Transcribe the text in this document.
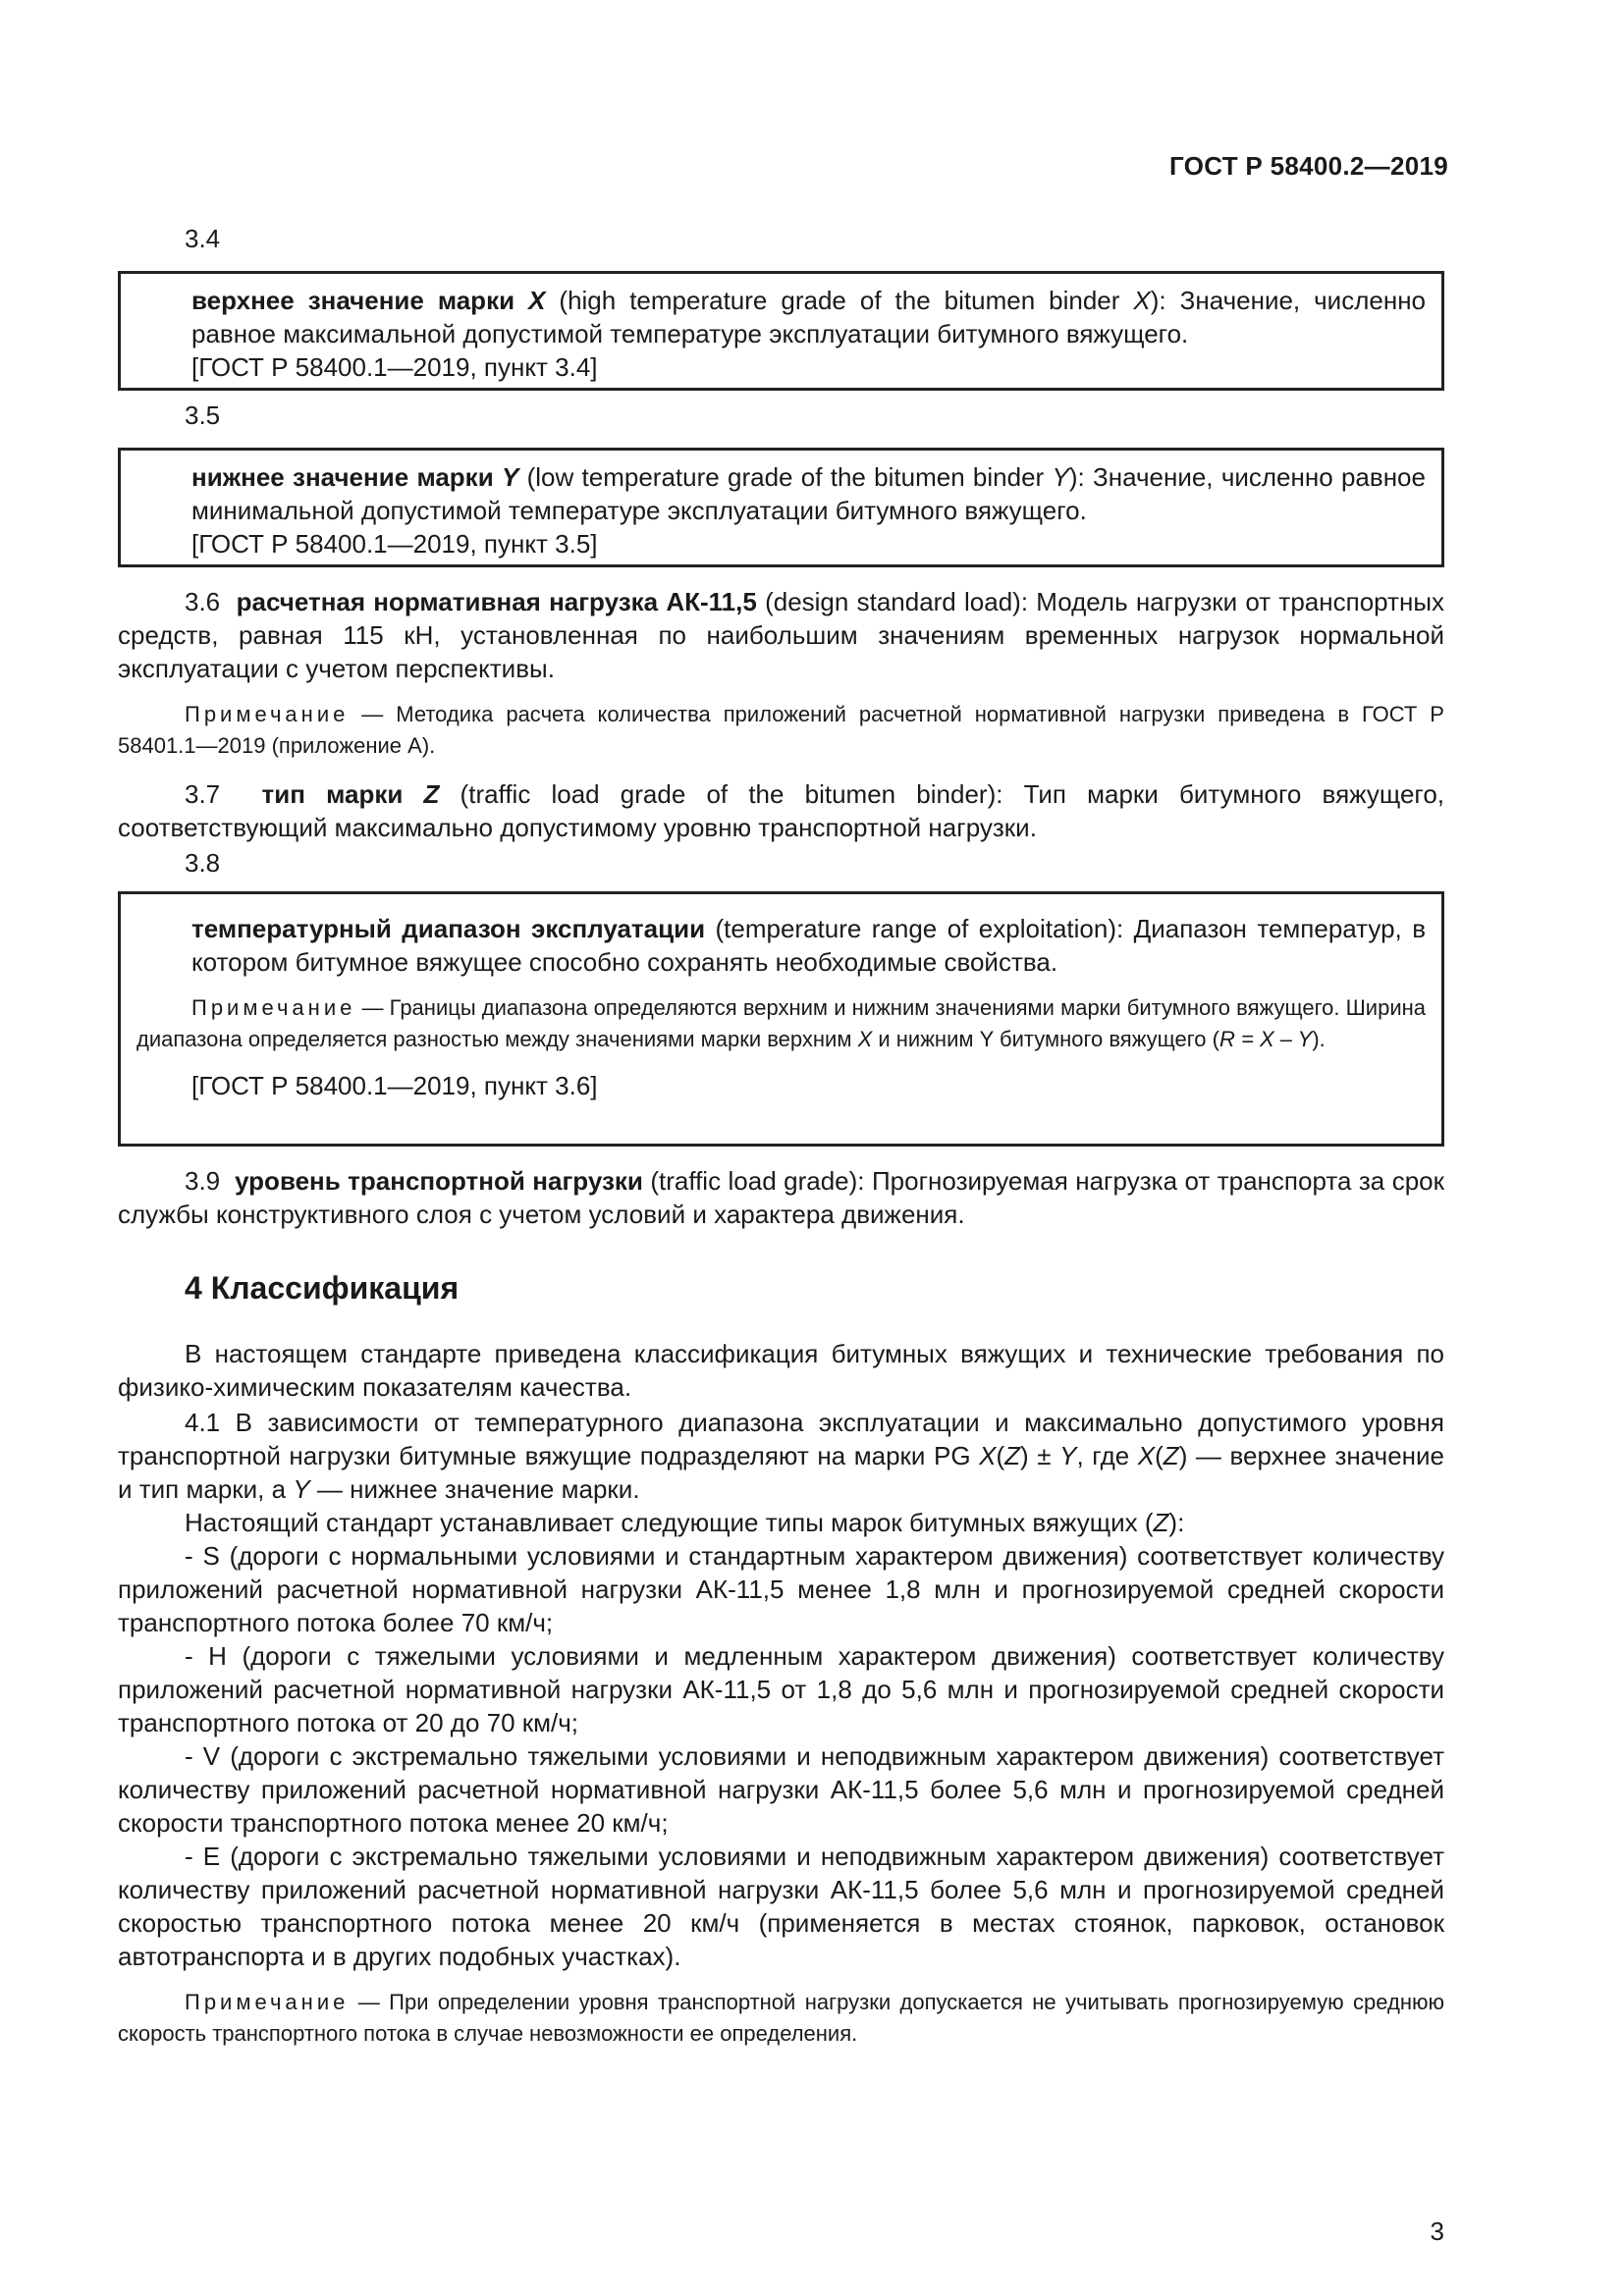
ГОСТ Р 58400.2—2019
3.4

верхнее значение марки X (high temperature grade of the bitumen binder X): Значение, численно равное максимальной допустимой температуре эксплуатации битумного вяжущего.

[ГОСТ Р 58400.1—2019, пункт 3.4]
3.5

нижнее значение марки Y (low temperature grade of the bitumen binder Y): Значение, численно равное минимальной допустимой температуре эксплуатации битумного вяжущего.

[ГОСТ Р 58400.1—2019, пункт 3.5]

3.6 расчетная нормативная нагрузка АК-11,5 (design standard load): Модель нагрузки от транспортных средств, равная 115 кН, установленная по наибольшим значениям временных нагрузок нормальной эксплуатации с учетом перспективы.

Примечание — Методика расчета количества приложений расчетной нормативной нагрузки приведена в ГОСТ Р 58401.1—2019 (приложение А).

3.7 тип марки Z (traffic load grade of the bitumen binder): Тип марки битумного вяжущего, соответствующий максимально допустимому уровню транспортной нагрузки.

3.8

температурный диапазон эксплуатации (temperature range of exploitation): Диапазон температур, в котором битумное вяжущее способно сохранять необходимые свойства.

Примечание — Границы диапазона определяются верхним и нижним значениями марки битумного вяжущего. Ширина диапазона определяется разностью между значениями марки верхним X и нижним Y битумного вяжущего (R = X – Y).

[ГОСТ Р 58400.1—2019, пункт 3.6]

3.9 уровень транспортной нагрузки (traffic load grade): Прогнозируемая нагрузка от транспорта за срок службы конструктивного слоя с учетом условий и характера движения.

4 Классификация

В настоящем стандарте приведена классификация битумных вяжущих и технические требования по физико-химическим показателям качества.

4.1 В зависимости от температурного диапазона эксплуатации и максимально допустимого уровня транспортной нагрузки битумные вяжущие подразделяют на марки PG X(Z) ± Y, где X(Z) — верхнее значение и тип марки, а Y — нижнее значение марки.

Настоящий стандарт устанавливает следующие типы марок битумных вяжущих (Z):

- S (дороги с нормальными условиями и стандартным характером движения) соответствует количеству приложений расчетной нормативной нагрузки АК-11,5 менее 1,8 млн и прогнозируемой средней скорости транспортного потока более 70 км/ч;

- H (дороги с тяжелыми условиями и медленным характером движения) соответствует количеству приложений расчетной нормативной нагрузки АК-11,5 от 1,8 до 5,6 млн и прогнозируемой средней скорости транспортного потока от 20 до 70 км/ч;

- V (дороги с экстремально тяжелыми условиями и неподвижным характером движения) соответствует количеству приложений расчетной нормативной нагрузки АК-11,5 более 5,6 млн и прогнозируемой средней скорости транспортного потока менее 20 км/ч;

- E (дороги с экстремально тяжелыми условиями и неподвижным характером движения) соответствует количеству приложений расчетной нормативной нагрузки АК-11,5 более 5,6 млн и прогнозируемой средней скоростью транспортного потока менее 20 км/ч (применяется в местах стоянок, парковок, остановок автотранспорта и в других подобных участках).

Примечание — При определении уровня транспортной нагрузки допускается не учитывать прогнозируемую среднюю скорость транспортного потока в случае невозможности ее определения.

3
